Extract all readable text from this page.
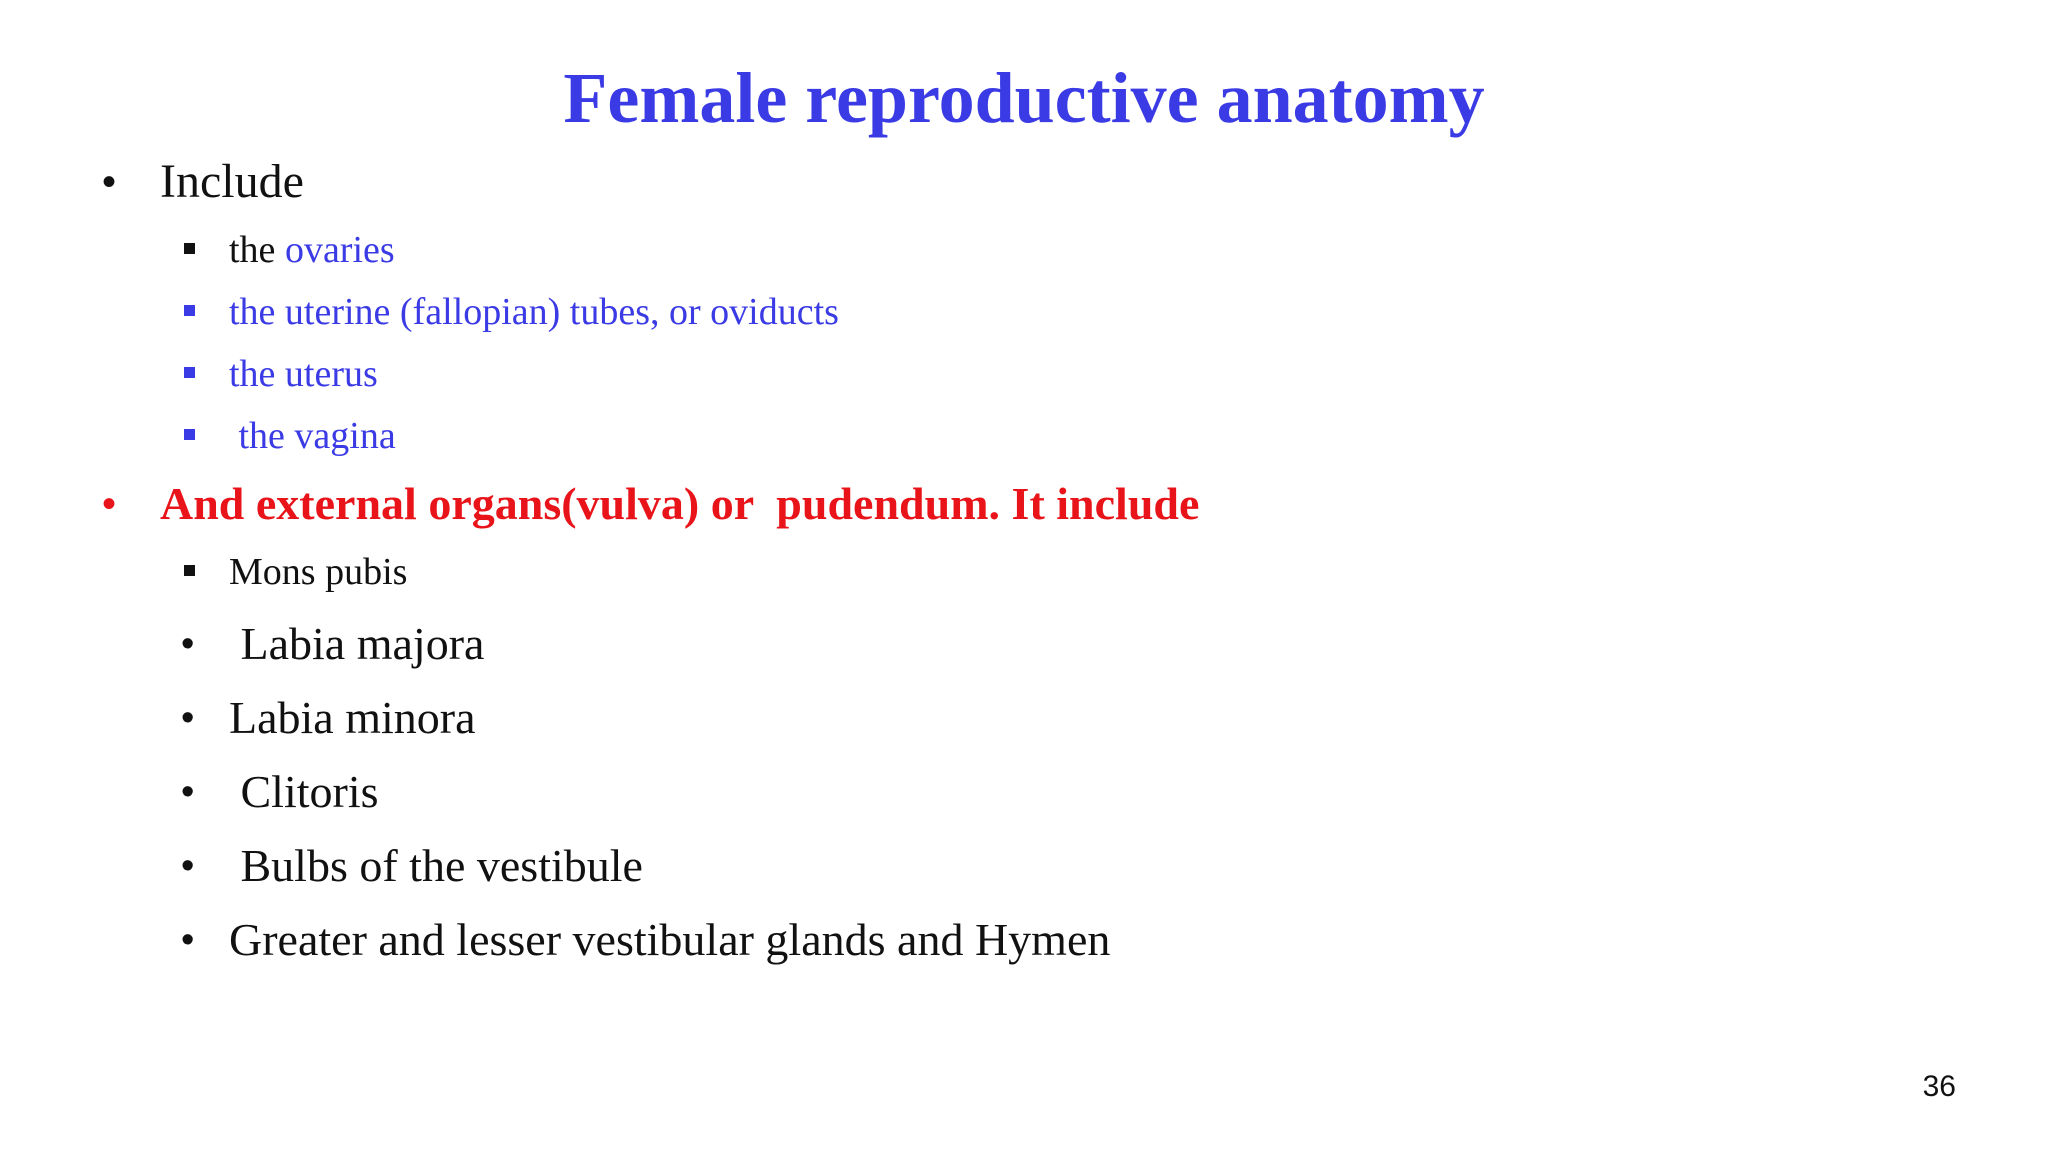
Female reproductive anatomy
• Include
the ovaries
the uterine (fallopian) tubes, or oviducts
the uterus
the vagina
• And external organs(vulva) or  pudendum. It include
Mons pubis
• Labia majora
• Labia minora
• Clitoris
• Bulbs of the vestibule
• Greater and lesser vestibular glands and Hymen
36
